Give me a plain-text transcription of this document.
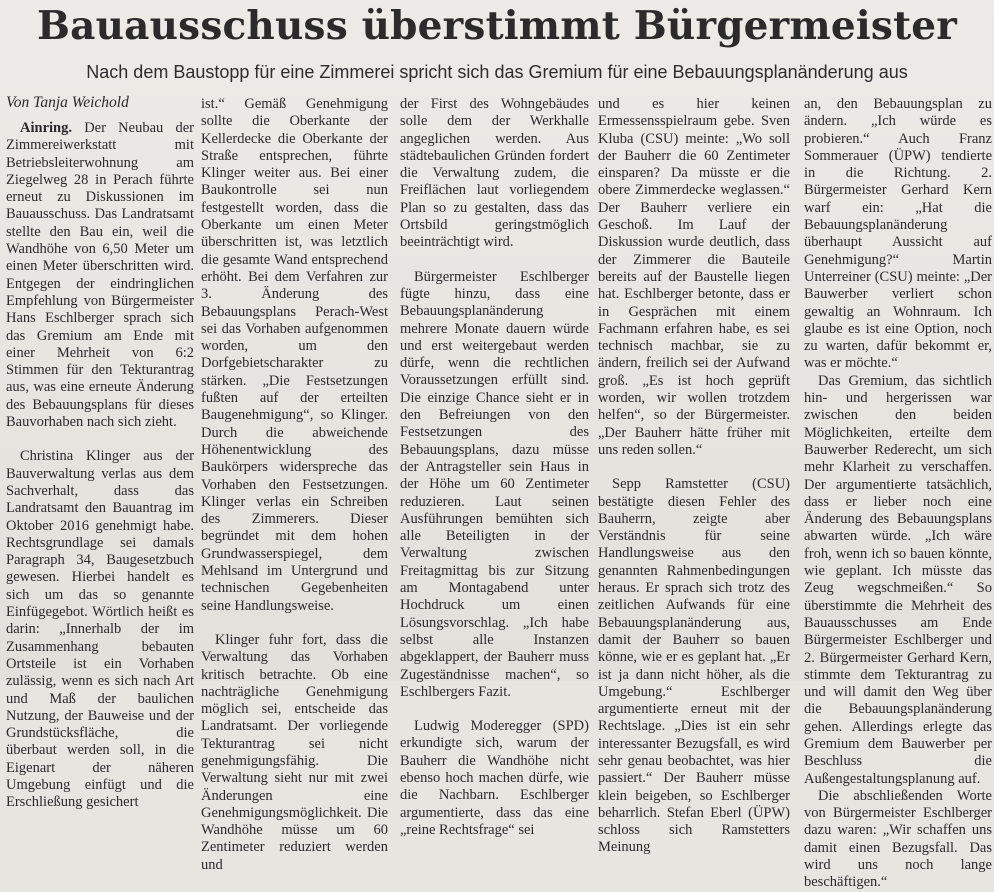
Bauausschuss überstimmt Bürgermeister
Nach dem Baustopp für eine Zimmerei spricht sich das Gremium für eine Bebauungsplanänderung aus
Von Tanja Weichold

Ainring. Der Neubau der Zimmereiwerkstatt mit Betriebsleiterwohnung am Ziegelweg 28 in Perach führte erneut zu Diskussionen im Bauausschuss. Das Landratsamt stellte den Bau ein, weil die Wandhöhe von 6,50 Meter um einen Meter überschritten wird. Entgegen der eindringlichen Empfehlung von Bürgermeister Hans Eschlberger sprach sich das Gremium am Ende mit einer Mehrheit von 6:2 Stimmen für den Tekturantrag aus, was eine erneute Änderung des Bebauungsplans für dieses Bauvorhaben nach sich zieht.

Christina Klinger aus der Bauverwaltung verlas aus dem Sachverhalt, dass das Landratsamt den Bauantrag im Oktober 2016 genehmigt habe. Rechtsgrundlage sei damals Paragraph 34, Baugesetzbuch gewesen. Hierbei handelt es sich um das so genannte Einfügegebot. Wörtlich heißt es darin: „Innerhalb der im Zusammenhang bebauten Ortsteile ist ein Vorhaben zulässig, wenn es sich nach Art und Maß der baulichen Nutzung, der Bauweise und der Grundstücksfläche, die überbaut werden soll, in die Eigenart der näheren Umgebung einfügt und die Erschließung gesichert

ist.“ Gemäß Genehmigung sollte die Oberkante der Kellerdecke die Oberkante der Straße entsprechen, führte Klinger weiter aus. Bei einer Baukontrolle sei nun festgestellt worden, dass die Oberkante um einen Meter überschritten ist, was letztlich die gesamte Wand entsprechend erhöht. Bei dem Verfahren zur 3. Änderung des Bebauungsplans Perach-West sei das Vorhaben aufgenommen worden, um den Dorfgebietscharakter zu stärken. „Die Festsetzungen fußten auf der erteilten Baugenehmigung“, so Klinger. Durch die abweichende Höhenentwicklung des Baukörpers widerspreche das Vorhaben den Festsetzungen. Klinger verlas ein Schreiben des Zimmerers. Dieser begründet mit dem hohen Grundwasserspiegel, dem Mehlsand im Untergrund und technischen Gegebenheiten seine Handlungsweise.

Klinger fuhr fort, dass die Verwaltung das Vorhaben kritisch betrachte. Ob eine nachträgliche Genehmigung möglich sei, entscheide das Landratsamt. Der vorliegende Tekturantrag sei nicht genehmigungsfähig. Die Verwaltung sieht nur mit zwei Änderungen eine Genehmigungsmöglichkeit. Die Wandhöhe müsse um 60 Zentimeter reduziert werden und

der First des Wohngebäudes solle dem der Werkhalle angeglichen werden. Aus städtebaulichen Gründen fordert die Verwaltung zudem, die Freiflächen laut vorliegendem Plan so zu gestalten, dass das Ortsbild geringstmöglich beeinträchtigt wird.

Bürgermeister Eschlberger fügte hinzu, dass eine Bebauungsplanänderung mehrere Monate dauern würde und erst weitergebaut werden dürfe, wenn die rechtlichen Voraussetzungen erfüllt sind. Die einzige Chance sieht er in den Befreiungen von den Festsetzungen des Bebauungsplans, dazu müsse der Antragsteller sein Haus in der Höhe um 60 Zentimeter reduzieren. Laut seinen Ausführungen bemühten sich alle Beteiligten in der Verwaltung zwischen Freitagmittag bis zur Sitzung am Montagabend unter Hochdruck um einen Lösungsvorschlag. „Ich habe selbst alle Instanzen abgeklappert, der Bauherr muss Zugeständnisse machen“, so Eschlbergers Fazit.

Ludwig Moderegger (SPD) erkundigte sich, warum der Bauherr die Wandhöhe nicht ebenso hoch machen dürfe, wie die Nachbarn. Eschlberger argumentierte, dass das eine „reine Rechtsfrage“ sei

und es hier keinen Ermessensspielraum gebe. Sven Kluba (CSU) meinte: „Wo soll der Bauherr die 60 Zentimeter einsparen? Da müsste er die obere Zimmerdecke weglassen.“ Der Bauherr verliere ein Geschoß. Im Lauf der Diskussion wurde deutlich, dass der Zimmerer die Bauteile bereits auf der Baustelle liegen hat. Eschlberger betonte, dass er in Gesprächen mit einem Fachmann erfahren habe, es sei technisch machbar, sie zu ändern, freilich sei der Aufwand groß. „Es ist hoch geprüft worden, wir wollen trotzdem helfen“, so der Bürgermeister. „Der Bauherr hätte früher mit uns reden sollen.“

Sepp Ramstetter (CSU) bestätigte diesen Fehler des Bauherrn, zeigte aber Verständnis für seine Handlungsweise aus den genannten Rahmenbedingungen heraus. Er sprach sich trotz des zeitlichen Aufwands für eine Bebauungsplanänderung aus, damit der Bauherr so bauen könne, wie er es geplant hat. „Er ist ja dann nicht höher, als die Umgebung.“ Eschlberger argumentierte erneut mit der Rechtslage. „Dies ist ein sehr interessanter Bezugsfall, es wird sehr genau beobachtet, was hier passiert.“ Der Bauherr müsse klein beigeben, so Eschlberger beharrlich. Stefan Eberl (ÜPW) schloss sich Ramstetters Meinung

an, den Bebauungsplan zu ändern. „Ich würde es probieren.“ Auch Franz Sommerauer (ÜPW) tendierte in die Richtung. 2. Bürgermeister Gerhard Kern warf ein: „Hat die Bebauungsplanänderung überhaupt Aussicht auf Genehmigung?“ Martin Unterreiner (CSU) meinte: „Der Bauwerber verliert schon gewaltig an Wohnraum. Ich glaube es ist eine Option, noch zu warten, dafür bekommt er, was er möchte.“

Das Gremium, das sichtlich hin- und hergerissen war zwischen den beiden Möglichkeiten, erteilte dem Bauwerber Rederecht, um sich mehr Klarheit zu verschaffen. Der argumentierte tatsächlich, dass er lieber noch eine Änderung des Bebauungsplans abwarten würde. „Ich wäre froh, wenn ich so bauen könnte, wie geplant. Ich müsste das Zeug wegschmeißen.“ So überstimmte die Mehrheit des Bauausschusses am Ende Bürgermeister Eschlberger und 2. Bürgermeister Gerhard Kern, stimmte dem Tekturantrag zu und will damit den Weg über die Bebauungsplanänderung gehen. Allerdings erlegte das Gremium dem Bauwerber per Beschluss die Außengestaltungsplanung auf.

Die abschließenden Worte von Bürgermeister Eschlberger dazu waren: „Wir schaffen uns damit einen Bezugsfall. Das wird uns noch lange beschäftigen.“
